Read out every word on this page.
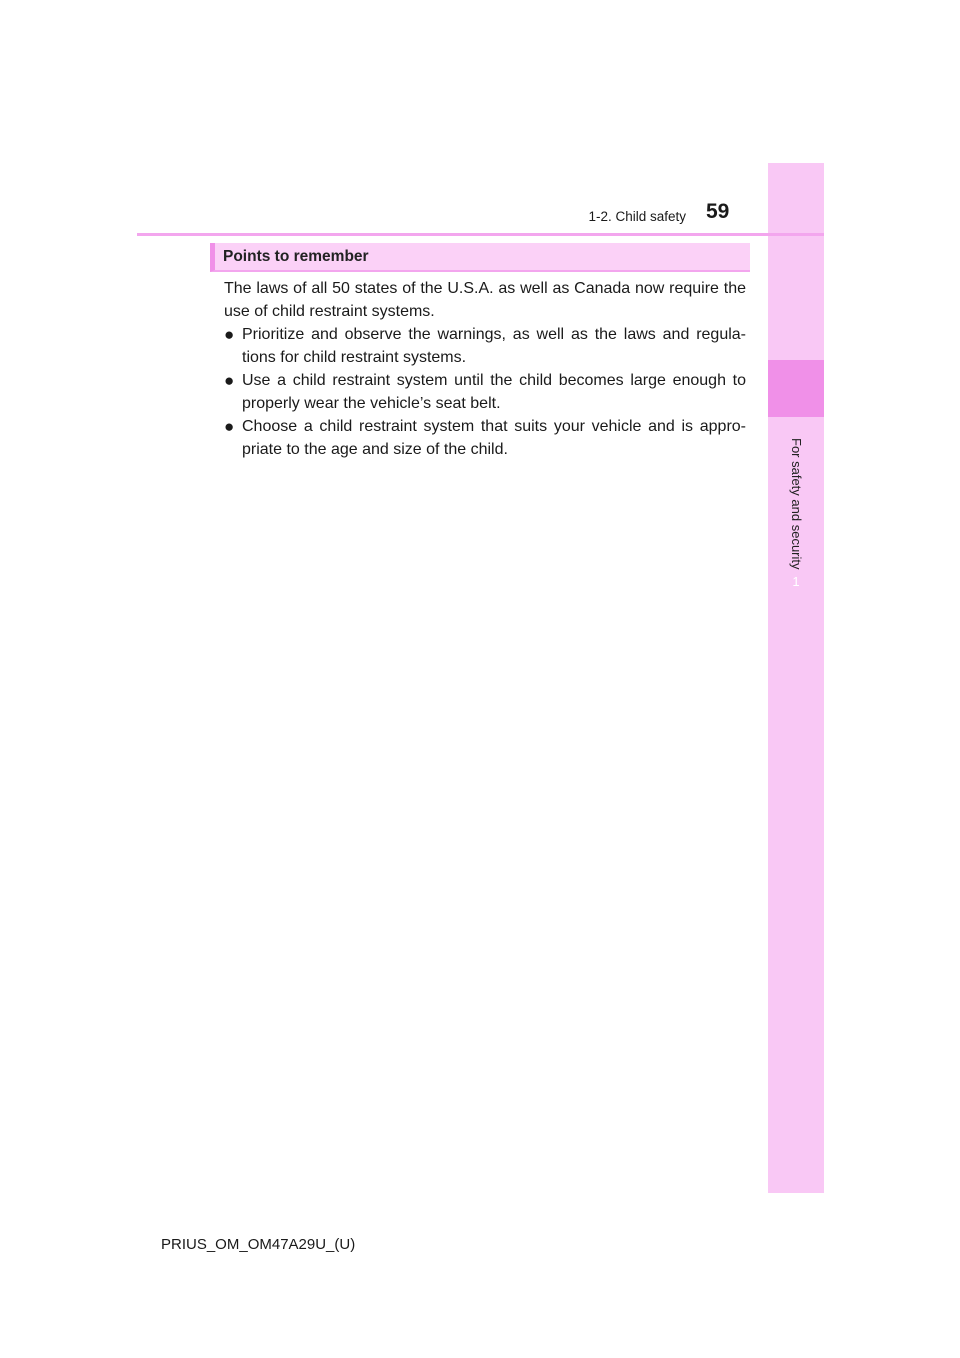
1
For safety and security
1-2. Child safety 59
Points to remember
The laws of all 50 states of the U.S.A. as well as Canada now require the use of child restraint systems.
● Prioritize and observe the warnings, as well as the laws and regula-tions for child restraint systems.
● Use a child restraint system until the child becomes large enough to properly wear the vehicle’s seat belt.
● Choose a child restraint system that suits your vehicle and is appro-priate to the age and size of the child.
PRIUS_OM_OM47A29U_(U)
